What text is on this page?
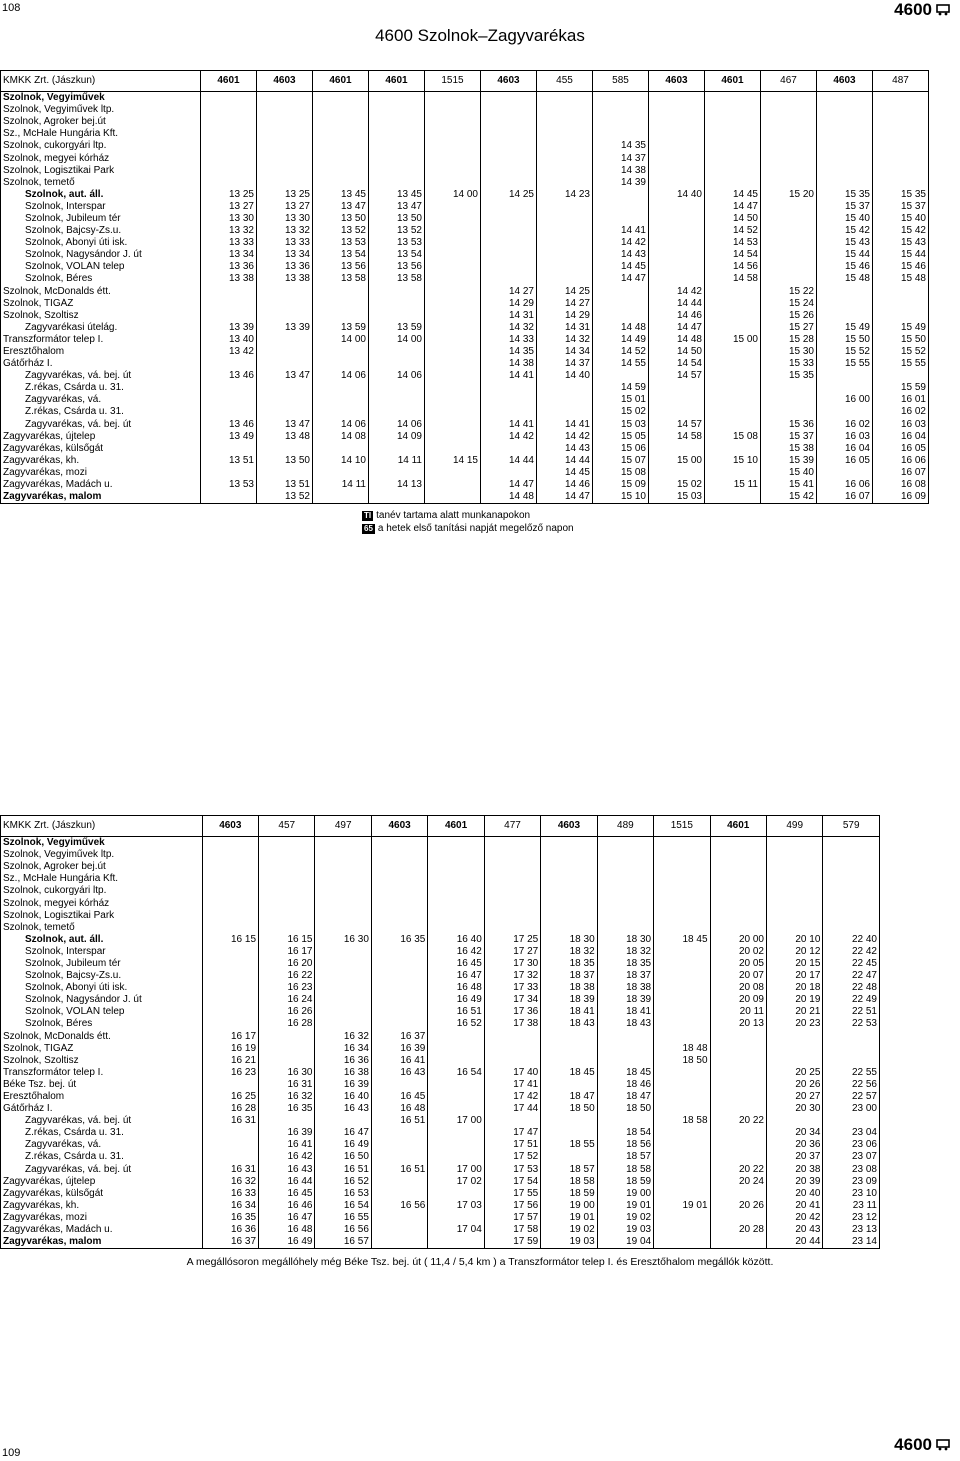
108	4600
4600 Szolnok–Zagyvarékas
KMKK Zrt. (Jászkun)	4601		4603		4601		4601		1515		4603		455		585		4603		4601		467		4603		487	
Szolnok, Vegyiművek																										
Szolnok, Vegyiművek ltp.																										
Szolnok, Agroker bej.út																										
Sz., McHale Hungária Kft.																										
Szolnok, cukorgyári ltp.																14 35										
Szolnok, megyei kórház																14 37										
Szolnok, Logisztikai Park																14 38										
Szolnok, temető																14 39										
Szolnok, aut. áll.		13 25		13 25		13 45		13 45		14 00		14 25		14 23				14 40		14 45		15 20		15 35		15 35
Szolnok, Interspar		13 27		13 27		13 47		13 47												14 47				15 37		15 37
Szolnok, Jubileum tér		13 30		13 30		13 50		13 50												14 50				15 40		15 40
Szolnok, Bajcsy-Zs.u.		13 32		13 32		13 52		13 52								14 41				14 52				15 42		15 42
Szolnok, Abonyi úti isk.		13 33		13 33		13 53		13 53								14 42				14 53				15 43		15 43
Szolnok, Nagysándor J. út		13 34		13 34		13 54		13 54								14 43				14 54				15 44		15 44
Szolnok, VOLÁN telep		13 36		13 36		13 56		13 56								14 45				14 56				15 46		15 46
Szolnok, Béres		13 38		13 38		13 58		13 58								14 47				14 58				15 48		15 48
Szolnok, McDonalds étt.												14 27		14 25				14 42				15 22				
Szolnok, TIGÁZ												14 29		14 27				14 44				15 24				
Szolnok, Szoltisz												14 31		14 29				14 46				15 26				
Zagyvarékasi útelág.		13 39		13 39		13 59		13 59				14 32		14 31		14 48		14 47				15 27		15 49		15 49
Transzformátor telep I.		13 40				14 00		14 00				14 33		14 32		14 49		14 48		15 00		15 28		15 50		15 50
Eresztőhalom		13 42										14 35		14 34		14 52		14 50				15 30		15 52		15 52
Gátőrház I.												14 38		14 37		14 55		14 54				15 33		15 55		15 55
Zagyvarékas, vá. bej. út		13 46		13 47		14 06		14 06				14 41		14 40				14 57				15 35				
Z.rékas, Csárda u. 31.																14 59										15 59
Zagyvarékas, vá.																15 01								16 00		16 01
Z.rékas, Csárda u. 31.																15 02										16 02
Zagyvarékas, vá. bej. út		13 46		13 47		14 06		14 06				14 41		14 41		15 03		14 57				15 36		16 02		16 03
Zagyvarékas, újtelep		13 49		13 48		14 08		14 09				14 42		14 42		15 05		14 58		15 08		15 37		16 03		16 04
Zagyvarékas, külsőgát														14 43		15 06						15 38		16 04		16 05
Zagyvarékas, kh.		13 51		13 50		14 10		14 11		14 15		14 44		14 44		15 07		15 00		15 10		15 39		16 05		16 06
Zagyvarékas, mozi														14 45		15 08						15 40				16 07
Zagyvarékas, Madách u.		13 53		13 51		14 11		14 13				14 47		14 46		15 09		15 02		15 11		15 41		16 06		16 08
Zagyvarékas, malom				13 52								14 48		14 47		15 10		15 03				15 42		16 07		16 09
TI tanév tartama alatt munkanapokon
65 a hetek első tanítási napját megelőző napon
KMKK Zrt. (Jászkun)	4603		457		497		4603		4601		477		4603		489		1515		4601		499		579	
Szolnok, Vegyiművek																								
Szolnok, Vegyiművek ltp.																								
Szolnok, Agroker bej.út																								
Sz., McHale Hungária Kft.																								
Szolnok, cukorgyári ltp.																								
Szolnok, megyei kórház																								
Szolnok, Logisztikai Park																								
Szolnok, temető																								
Szolnok, aut. áll.		16 15		16 15		16 30		16 35		16 40		17 25		18 30		18 30		18 45		20 00		20 10		22 40
Szolnok, Interspar				16 17						16 42		17 27		18 32		18 32				20 02		20 12		22 42
Szolnok, Jubileum tér				16 20						16 45		17 30		18 35		18 35				20 05		20 15		22 45
Szolnok, Bajcsy-Zs.u.				16 22						16 47		17 32		18 37		18 37				20 07		20 17		22 47
Szolnok, Abonyi úti isk.				16 23						16 48		17 33		18 38		18 38				20 08		20 18		22 48
Szolnok, Nagysándor J. út				16 24						16 49		17 34		18 39		18 39				20 09		20 19		22 49
Szolnok, VOLÁN telep				16 26						16 51		17 36		18 41		18 41				20 11		20 21		22 51
Szolnok, Béres				16 28						16 52		17 38		18 43		18 43				20 13		20 23		22 53
Szolnok, McDonalds étt.		16 17				16 32		16 37																
Szolnok, TIGÁZ		16 19				16 34		16 39										18 48						
Szolnok, Szoltisz		16 21				16 36		16 41										18 50						
Transzformátor telep I.		16 23		16 30		16 38		16 43		16 54		17 40		18 45		18 45						20 25		22 55
Béke Tsz. bej. út				16 31		16 39						17 41				18 46						20 26		22 56
Eresztőhalom		16 25		16 32		16 40		16 45				17 42		18 47		18 47						20 27		22 57
Gátőrház I.		16 28		16 35		16 43		16 48				17 44		18 50		18 50						20 30		23 00
Zagyvarékas, vá. bej. út		16 31						16 51		17 00								18 58		20 22				
Z.rékas, Csárda u. 31.				16 39		16 47						17 47				18 54						20 34		23 04
Zagyvarékas, vá.				16 41		16 49						17 51		18 55		18 56						20 36		23 06
Z.rékas, Csárda u. 31.				16 42		16 50						17 52				18 57						20 37		23 07
Zagyvarékas, vá. bej. út		16 31		16 43		16 51		16 51		17 00		17 53		18 57		18 58				20 22		20 38		23 08
Zagyvarékas, újtelep		16 32		16 44		16 52				17 02		17 54		18 58		18 59				20 24		20 39		23 09
Zagyvarékas, külsőgát		16 33		16 45		16 53						17 55		18 59		19 00						20 40		23 10
Zagyvarékas, kh.		16 34		16 46		16 54		16 56		17 03		17 56		19 00		19 01		19 01		20 26		20 41		23 11
Zagyvarékas, mozi		16 35		16 47		16 55						17 57		19 01		19 02						20 42		23 12
Zagyvarékas, Madách u.		16 36		16 48		16 56				17 04		17 58		19 02		19 03				20 28		20 43		23 13
Zagyvarékas, malom		16 37		16 49		16 57						17 59		19 03		19 04						20 44		23 14
A megállósoron megállóhely még Béke Tsz. bej. út ( 11,4 / 5,4 km ) a Transzformátor telep I. és Eresztőhalom megállók között.
109	4600
